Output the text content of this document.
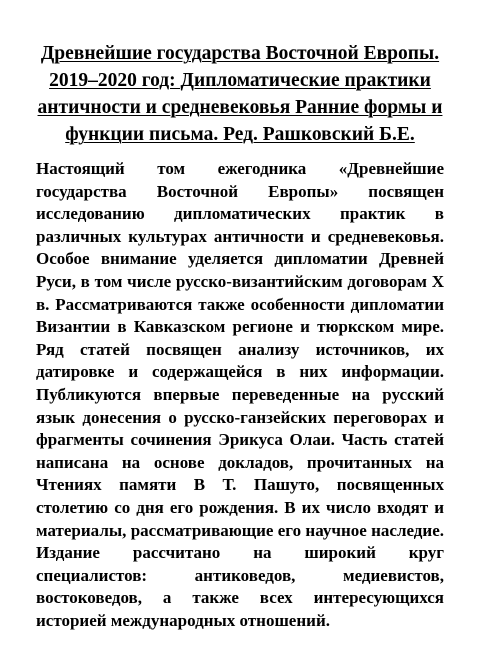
Древнейшие государства Восточной Европы. 2019–2020 год: Дипломатические практики античности и средневековья Ранние формы и функции письма. Ред. Рашковский Б.Е.

Настоящий том ежегодника «Древнейшие государства Восточной Европы» посвящен исследованию дипломатических практик в различных культурах античности и средневековья. Особое внимание уделяется дипломатии Древней Руси, в том числе русско-византийским договорам X в. Рассматриваются также особенности дипломатии Византии в Кавказском регионе и тюркском мире. Ряд статей посвящен анализу источников, их датировке и содержащейся в них информации. Публикуются впервые переведенные на русский язык донесения о русско-ганзейских переговорах и фрагменты сочинения Эрикуса Олаи. Часть статей написана на основе докладов, прочитанных на Чтениях памяти В Т. Пашуто, посвященных столетию со дня его рождения. В их число входят и материалы, рассматривающие его научное наследие. Издание рассчитано на широкий круг специалистов: антиковедов, медиевистов, востоковедов, а также всех интересующихся историей международных отношений.
